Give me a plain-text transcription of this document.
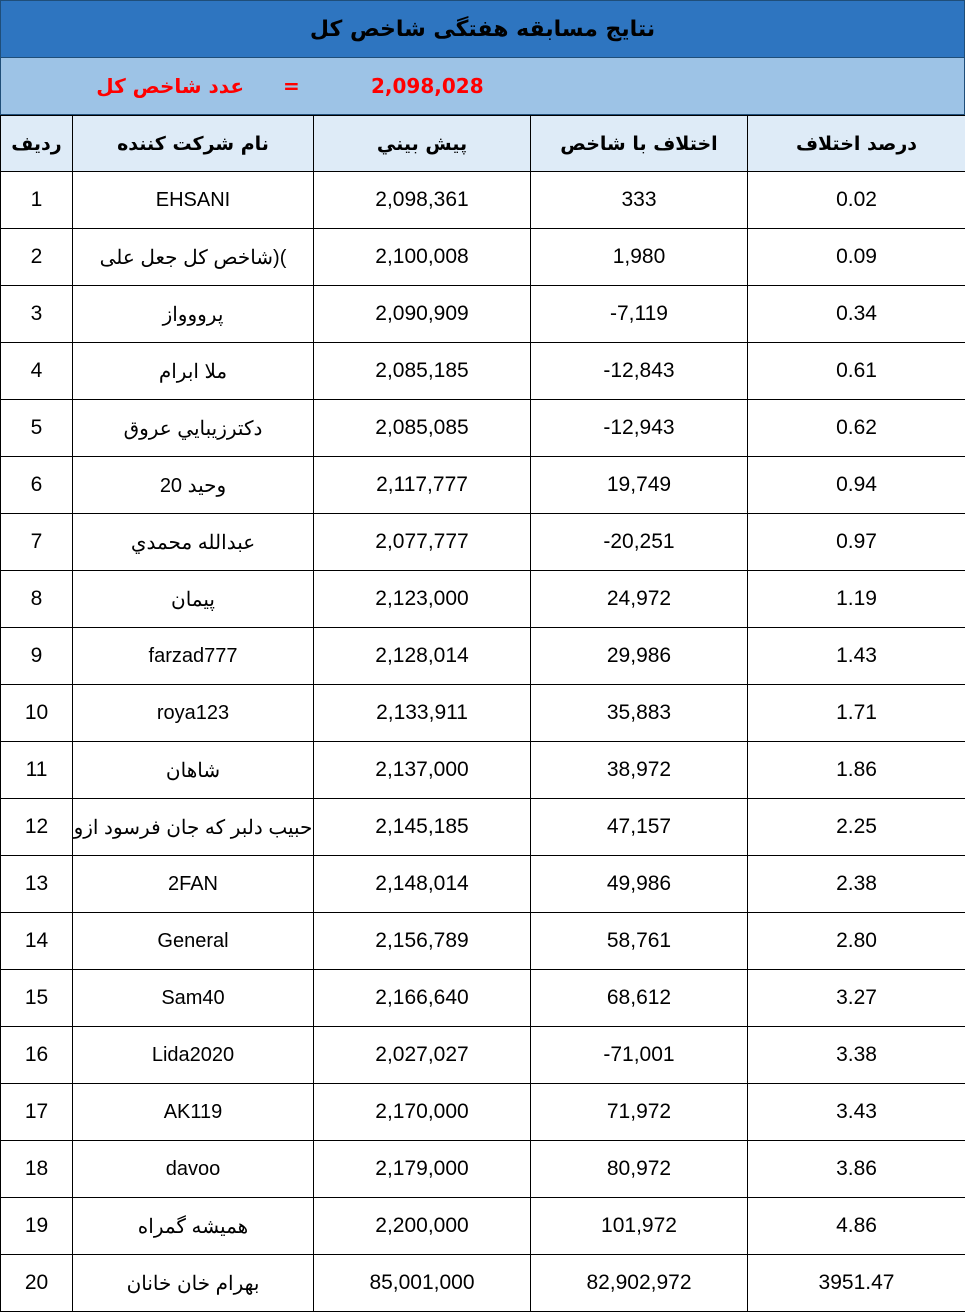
نتايج مسابقه هفتگی شاخص کل
عدد شاخص کل =	2,098,028
رديف	نام شرکت کننده	پيش بيني	اختلاف با شاخص	درصد اختلاف
1	EHSANI	2,098,361	333	0.02
2	)(شاخص کل جعل علی	2,100,008	1,980	0.09
3	پرووواز	2,090,909	-7,119	0.34
4	ملا ابرام	2,085,185	-12,843	0.61
5	دكترزيبايي عروق	2,085,085	-12,943	0.62
6	وحيد 20	2,117,777	19,749	0.94
7	عبدالله محمدي	2,077,777	-20,251	0.97
8	پيمان	2,123,000	24,972	1.19
9	farzad777	2,128,014	29,986	1.43
10	roya123	2,133,911	35,883	1.71
11	شاهان	2,137,000	38,972	1.86
12	حبیب دلبر که جان فرسود ازو	2,145,185	47,157	2.25
13	2FAN	2,148,014	49,986	2.38
14	General	2,156,789	58,761	2.80
15	Sam40	2,166,640	68,612	3.27
16	Lida2020	2,027,027	-71,001	3.38
17	AK119	2,170,000	71,972	3.43
18	davoo	2,179,000	80,972	3.86
19	همیشه گمراه	2,200,000	101,972	4.86
20	بهرام خان خانان	85,001,000	82,902,972	3951.47
